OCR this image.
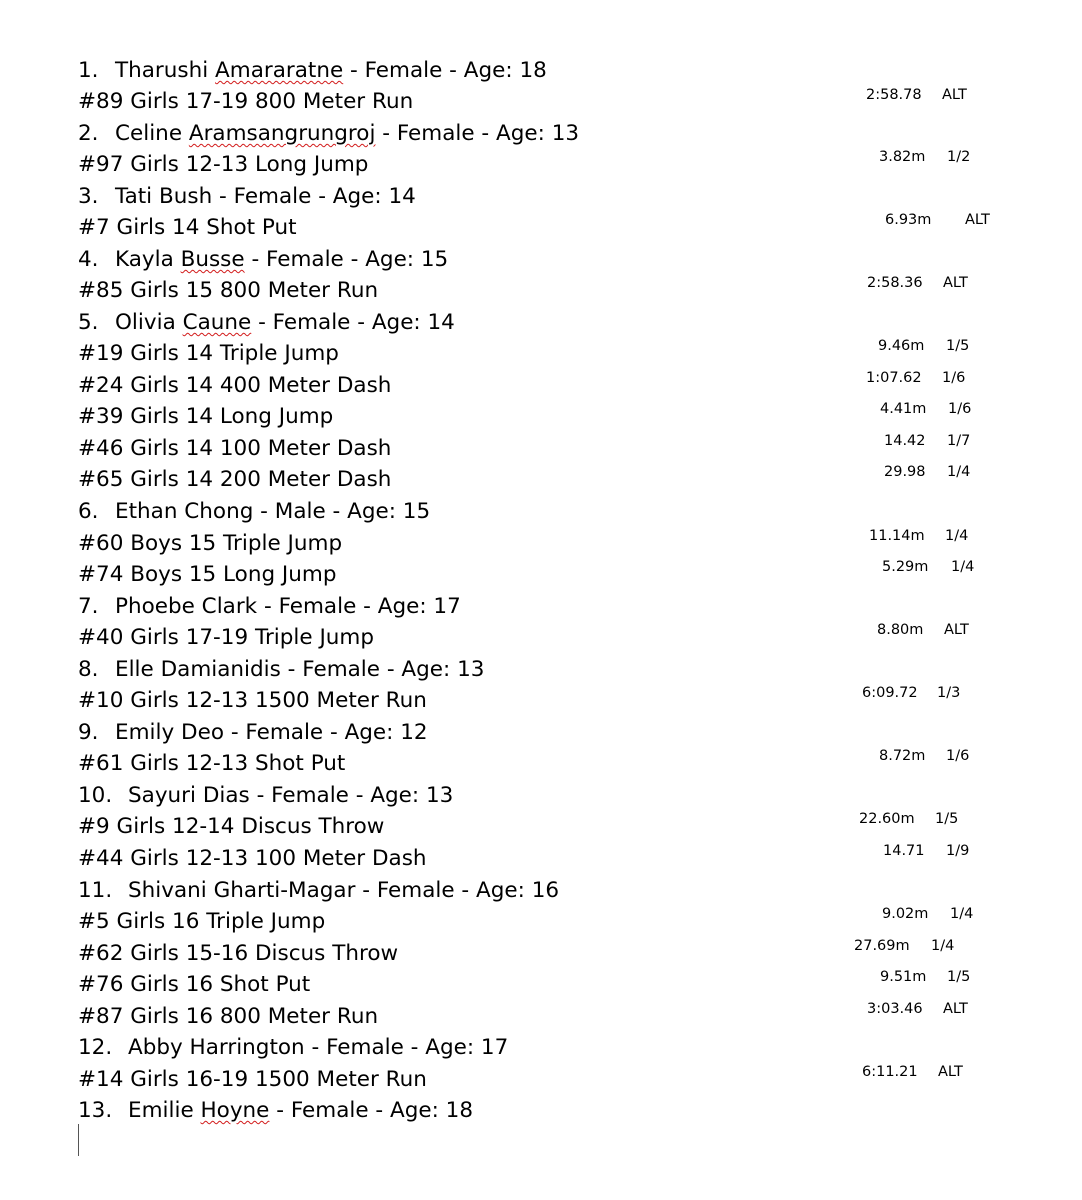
1. Tharushi Amararatne - Female - Age: 18
#89 Girls 17-19 800 Meter Run	2:58.78 ALT
2. Celine Aramsangrungroj - Female - Age: 13
#97 Girls 12-13 Long Jump	3.82m 1/2
3. Tati Bush - Female - Age: 14
#7 Girls 14 Shot Put	6.93m ALT
4. Kayla Busse - Female - Age: 15
#85 Girls 15 800 Meter Run	2:58.36 ALT
5. Olivia Caune - Female - Age: 14
#19 Girls 14 Triple Jump	9.46m 1/5
#24 Girls 14 400 Meter Dash	1:07.62 1/6
#39 Girls 14 Long Jump	4.41m 1/6
#46 Girls 14 100 Meter Dash	14.42 1/7
#65 Girls 14 200 Meter Dash	29.98 1/4
6. Ethan Chong - Male - Age: 15
#60 Boys 15 Triple Jump	11.14m 1/4
#74 Boys 15 Long Jump	5.29m 1/4
7. Phoebe Clark - Female - Age: 17
#40 Girls 17-19 Triple Jump	8.80m ALT
8. Elle Damianidis - Female - Age: 13
#10 Girls 12-13 1500 Meter Run	6:09.72 1/3
9. Emily Deo - Female - Age: 12
#61 Girls 12-13 Shot Put	8.72m 1/6
10. Sayuri Dias - Female - Age: 13
#9 Girls 12-14 Discus Throw	22.60m 1/5
#44 Girls 12-13 100 Meter Dash	14.71 1/9
11. Shivani Gharti-Magar - Female - Age: 16
#5 Girls 16 Triple Jump	9.02m 1/4
#62 Girls 15-16 Discus Throw	27.69m 1/4
#76 Girls 16 Shot Put	9.51m 1/5
#87 Girls 16 800 Meter Run	3:03.46 ALT
12. Abby Harrington - Female - Age: 17
#14 Girls 16-19 1500 Meter Run	6:11.21 ALT
13. Emilie Hoyne - Female - Age: 18
